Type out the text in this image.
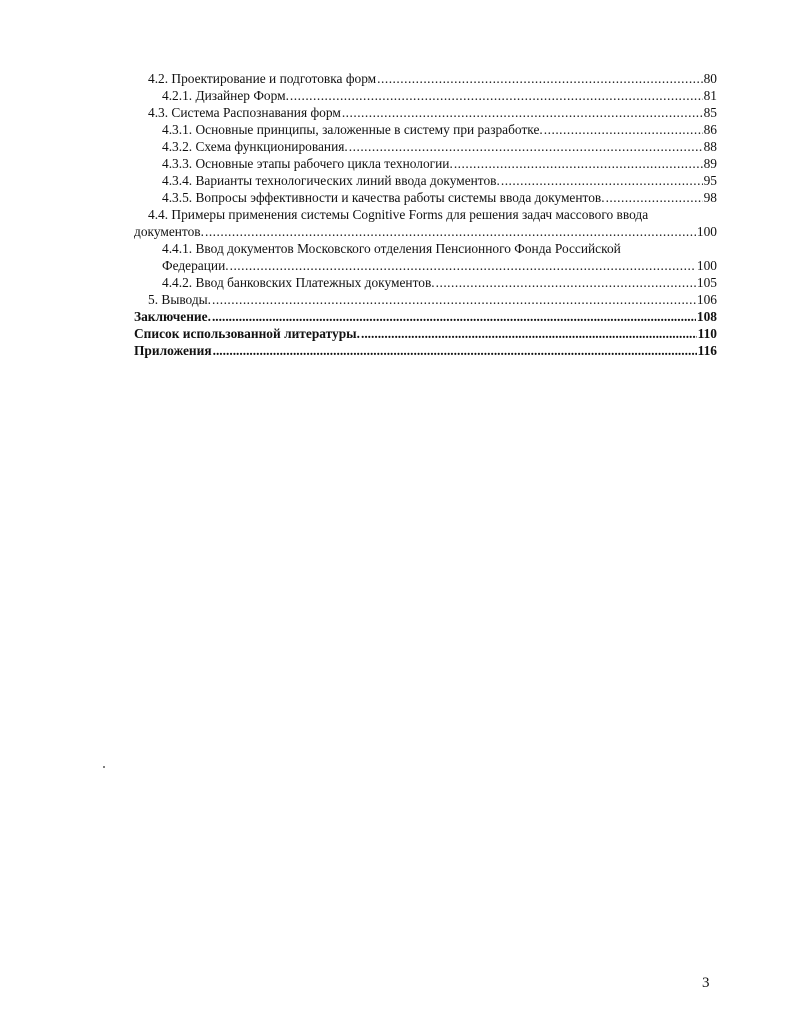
4.2. Проектирование и подготовка форм .....	80
4.2.1. Дизайнер Форм. .....	81
4.3. Система Распознавания форм .....	85
4.3.1. Основные принципы, заложенные в систему при разработке. .....	86
4.3.2. Схема функционирования. .....	88
4.3.3. Основные этапы рабочего цикла технологии. .....	89
4.3.4. Варианты технологических линий ввода документов. .....	95
4.3.5. Вопросы эффективности и качества работы системы ввода документов. .....	98
4.4. Примеры применения системы Cognitive Forms для решения задач массового ввода
документов. .....	100
4.4.1. Ввод документов Московского отделения Пенсионного Фонда Российской
Федерации. .....	100
4.4.2. Ввод банковских Платежных документов. .....	105
5. Выводы. .....	106
Заключение. .....	108
Список использованной литературы. .....	110
Приложения .....	116
3
